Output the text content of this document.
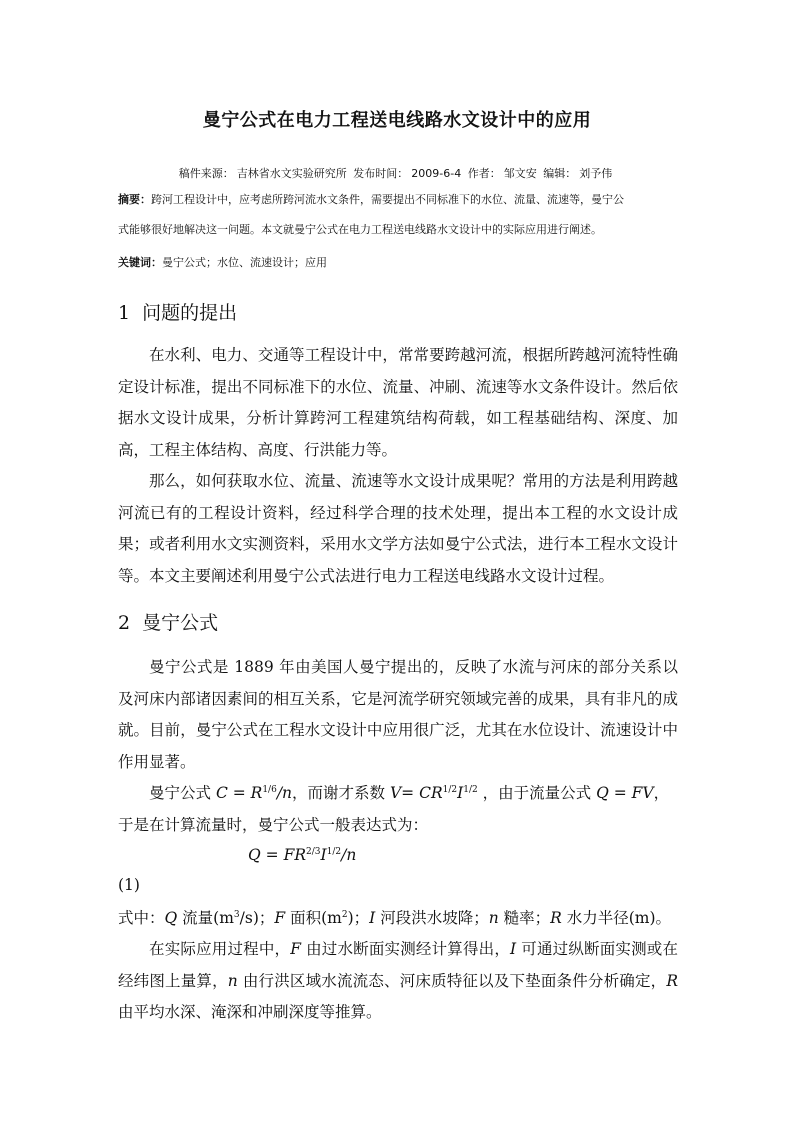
曼宁公式在电力工程送电线路水文设计中的应用
稿件来源： 吉林省水文实验研究所 发布时间： 2009-6-4 作者： 邹文安 编辑： 刘予伟
摘要：跨河工程设计中，应考虑所跨河流水文条件，需要提出不同标准下的水位、流量、流速等，曼宁公
式能够很好地解决这一问题。本文就曼宁公式在电力工程送电线路水文设计中的实际应用进行阐述。
关键词：曼宁公式；水位、流速设计；应用
1 问题的提出

在水利、电力、交通等工程设计中，常常要跨越河流，根据所跨越河流特性确定设计标准，提出不同标准下的水位、流量、冲刷、流速等水文条件设计。然后依据水文设计成果，分析计算跨河工程建筑结构荷载，如工程基础结构、深度、加高，工程主体结构、高度、行洪能力等。

那么，如何获取水位、流量、流速等水文设计成果呢？常用的方法是利用跨越河流已有的工程设计资料，经过科学合理的技术处理，提出本工程的水文设计成果；或者利用水文实测资料，采用水文学方法如曼宁公式法，进行本工程水文设计等。本文主要阐述利用曼宁公式法进行电力工程送电线路水文设计过程。

2 曼宁公式

曼宁公式是 1889 年由美国人曼宁提出的，反映了水流与河床的部分关系以及河床内部诸因素间的相互关系，它是河流学研究领域完善的成果，具有非凡的成就。目前，曼宁公式在工程水文设计中应用很广泛，尤其在水位设计、流速设计中作用显著。

曼宁公式 $C = R^{1/6}/n$，而谢才系数 $V= CR^{1/2}I^{1/2}$ ，由于流量公式 Q = FV，
于是在计算流量时，曼宁公式一般表达式为：
$Q = FR^{2/3}I^{1/2}/n$
(1)
式中：Q 流量$(m^3/s)$；F 面积$(m^2)$；I 河段洪水坡降；n 糙率；R 水力半径(m)。

在实际应用过程中，F 由过水断面实测经计算得出，I 可通过纵断面实测或在经纬图上量算，n 由行洪区域水流流态、河床质特征以及下垫面条件分析确定，R 由平均水深、淹深和冲刷深度等推算。
